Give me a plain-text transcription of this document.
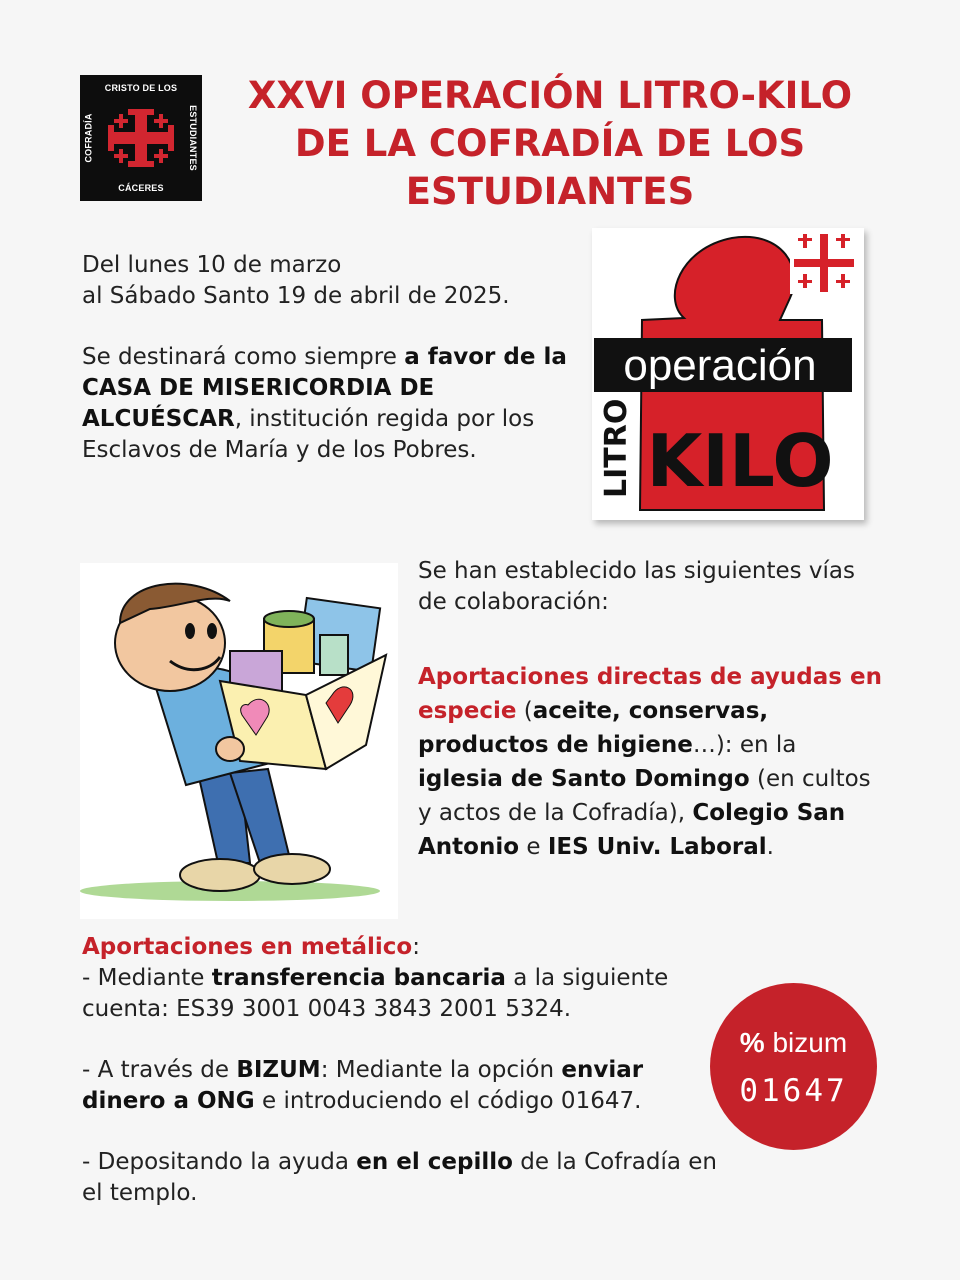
CRISTO DE LOS
COFRADÍA	ESTUDIANTES
CÁCERES
XXVI OPERACIÓN LITRO-KILO
DE LA COFRADÍA DE LOS
ESTUDIANTES
Del lunes 10 de marzo
al Sábado Santo 19 de abril de 2025.
Se destinará como siempre a favor de la CASA DE MISERICORDIA DE ALCUÉSCAR, institución regida por los Esclavos de María y de los Pobres.
operación
LITRO KILO
Se han establecido las siguientes vías de colaboración:
Aportaciones directas de ayudas en especie (aceite, conservas, productos de higiene…): en la iglesia de Santo Domingo (en cultos y actos de la Cofradía), Colegio San Antonio e IES Univ. Laboral.

Aportaciones en metálico:

- Mediante transferencia bancaria a la siguiente cuenta: ES39 3001 0043 3843 2001 5324.

- A través de BIZUM: Mediante la opción enviar dinero a ONG e introduciendo el código 01647.

- Depositando la ayuda en el cepillo de la Cofradía en el templo.

% bizum
01647
